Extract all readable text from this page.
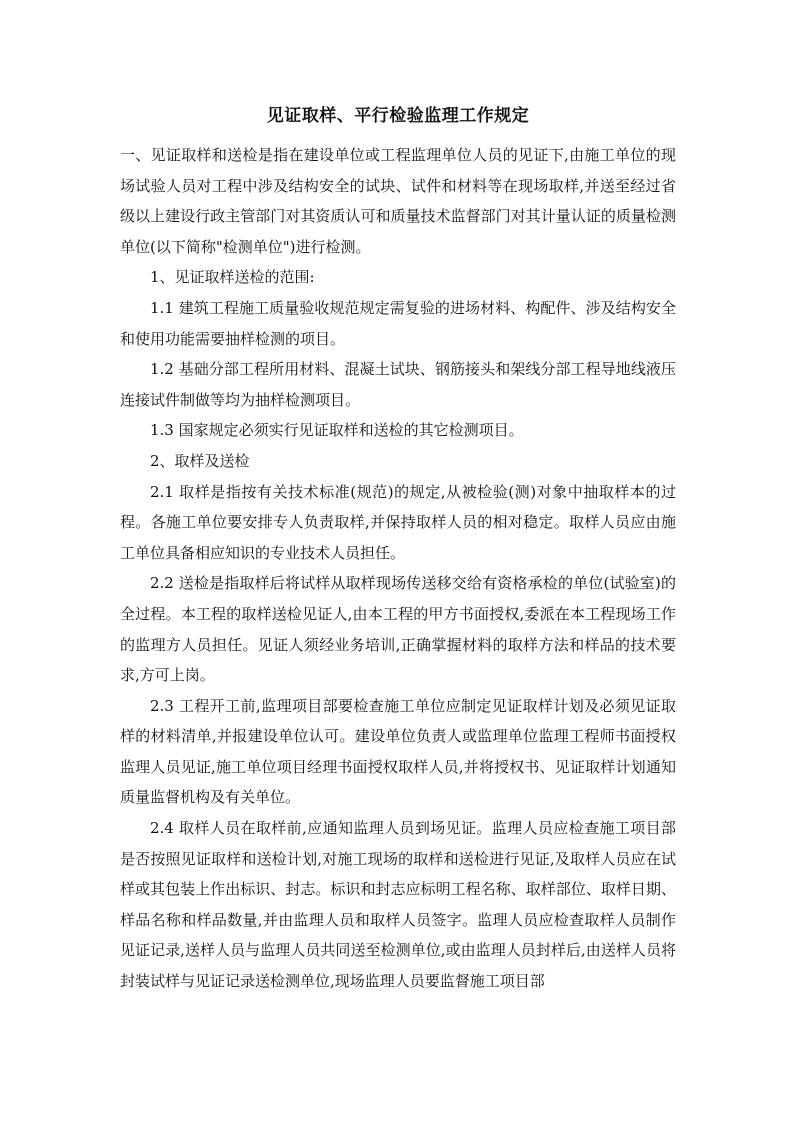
见证取样、平行检验监理工作规定

一、见证取样和送检是指在建设单位或工程监理单位人员的见证下,由施工单位的现场试验人员对工程中涉及结构安全的试块、试件和材料等在现场取样,并送至经过省级以上建设行政主管部门对其资质认可和质量技术监督部门对其计量认证的质量检测单位(以下简称"检测单位")进行检测。

1、见证取样送检的范围:

1.1 建筑工程施工质量验收规范规定需复验的进场材料、构配件、涉及结构安全和使用功能需要抽样检测的项目。

1.2 基础分部工程所用材料、混凝土试块、钢筋接头和架线分部工程导地线液压连接试件制做等均为抽样检测项目。

1.3 国家规定必须实行见证取样和送检的其它检测项目。

2、取样及送检

2.1 取样是指按有关技术标准(规范)的规定,从被检验(测)对象中抽取样本的过程。各施工单位要安排专人负责取样,并保持取样人员的相对稳定。取样人员应由施工单位具备相应知识的专业技术人员担任。

2.2 送检是指取样后将试样从取样现场传送移交给有资格承检的单位(试验室)的全过程。本工程的取样送检见证人,由本工程的甲方书面授权,委派在本工程现场工作的监理方人员担任。见证人须经业务培训,正确掌握材料的取样方法和样品的技术要求,方可上岗。

2.3 工程开工前,监理项目部要检查施工单位应制定见证取样计划及必须见证取样的材料清单,并报建设单位认可。建设单位负责人或监理单位监理工程师书面授权监理人员见证,施工单位项目经理书面授权取样人员,并将授权书、见证取样计划通知质量监督机构及有关单位。

2.4 取样人员在取样前,应通知监理人员到场见证。监理人员应检查施工项目部是否按照见证取样和送检计划,对施工现场的取样和送检进行见证,及取样人员应在试样或其包装上作出标识、封志。标识和封志应标明工程名称、取样部位、取样日期、样品名称和样品数量,并由监理人员和取样人员签字。监理人员应检查取样人员制作见证记录,送样人员与监理人员共同送至检测单位,或由监理人员封样后,由送样人员将封装试样与见证记录送检测单位,现场监理人员要监督施工项目部
